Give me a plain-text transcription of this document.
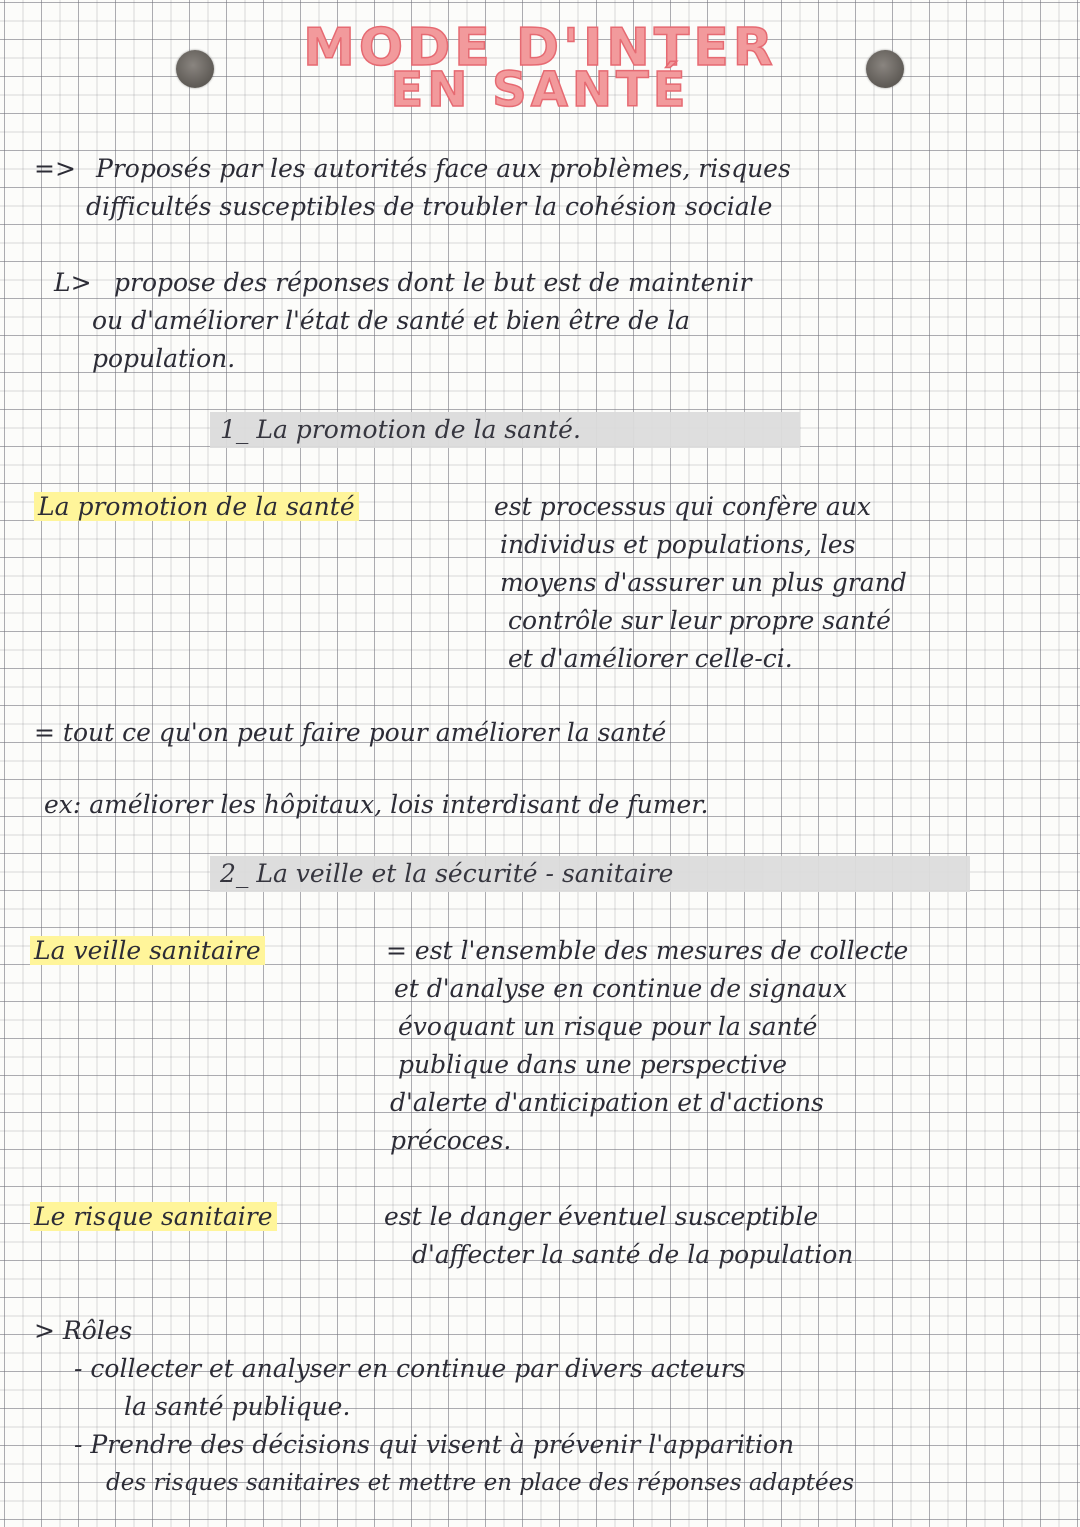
MODE D'INTER
EN SANTÉ
=> Proposés par les autorités face aux problèmes, risques
difficultés susceptibles de troubler la cohésion sociale
L> propose des réponses dont le but est de maintenir
ou d'améliorer l'état de santé et bien être de la
population.
1_ La promotion de la santé.
La promotion de la santé	est processus qui confère aux
individus et populations, les
moyens d'assurer un plus grand
contrôle sur leur propre santé
et d'améliorer celle-ci.
= tout ce qu'on peut faire pour améliorer la santé
ex: améliorer les hôpitaux, lois interdisant de fumer.
2_ La veille et la sécurité - sanitaire
La veille sanitaire	= est l'ensemble des mesures de collecte
et d'analyse en continue de signaux
évoquant un risque pour la santé
publique dans une perspective
d'alerte d'anticipation et d'actions
précoces.
Le risque sanitaire	est le danger éventuel susceptible
d'affecter la santé de la population
> Rôles
- collecter et analyser en continue par divers acteurs
la santé publique.
- Prendre des décisions qui visent à prévenir l'apparition
des risques sanitaires et mettre en place des réponses adaptées
